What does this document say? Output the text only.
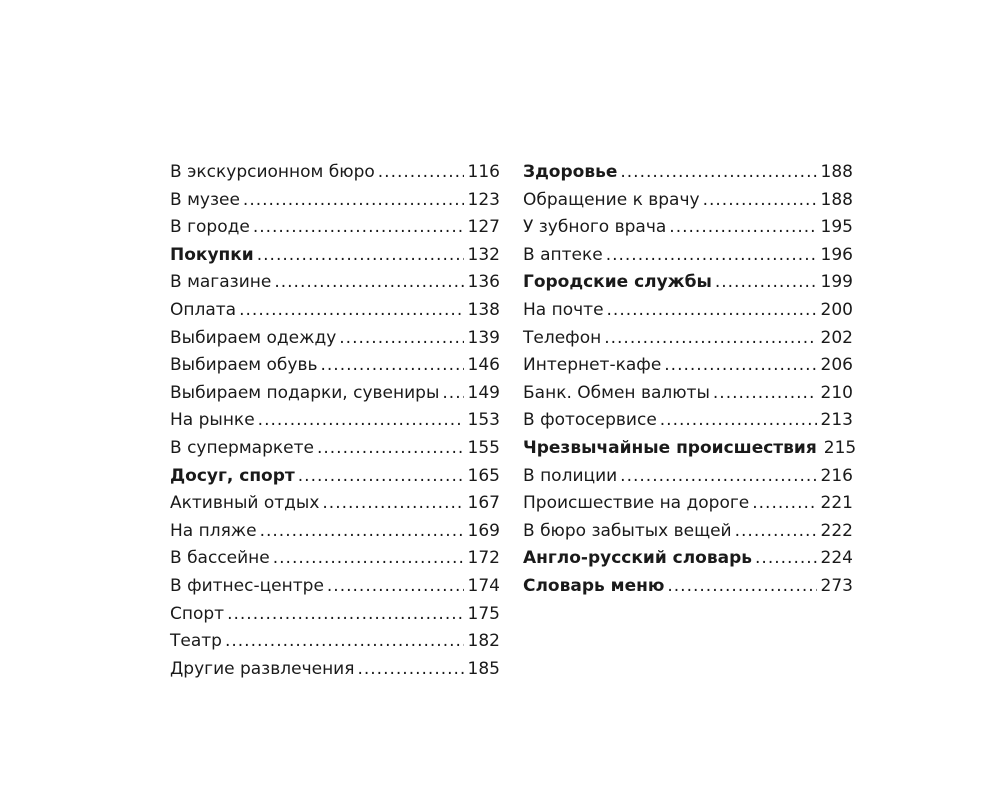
В экскурсионном бюро .....	116
В музее .....	123
В городе .....	127
Покупки .....	132
В магазине .....	136
Оплата .....	138
Выбираем одежду .....	139
Выбираем обувь .....	146
Выбираем подарки, сувениры ..... 149
На рынке .....	153
В супермаркете .....	155
Досуг, спорт .....	165
Активный отдых .....	167
На пляже .....	169
В бассейне .....	172
В фитнес-центре .....	174
Спорт .....	175
Театр .....	182
Другие развлечения .....	185
Здоровье .....	188
Обращение к врачу .....	188
У зубного врача .....	195
В аптеке .....	196
Городские службы .....	199
На почте .....	200
Телефон .....	202
Интернет-кафе .....	206
Банк. Обмен валюты .....	210
В фотосервисе .....	213
Чрезвычайные происшествия 215
В полиции .....	216
Происшествие на дороге .....	221
В бюро забытых вещей .....	222
Англо-русский словарь .....	224
Словарь меню .....	273
